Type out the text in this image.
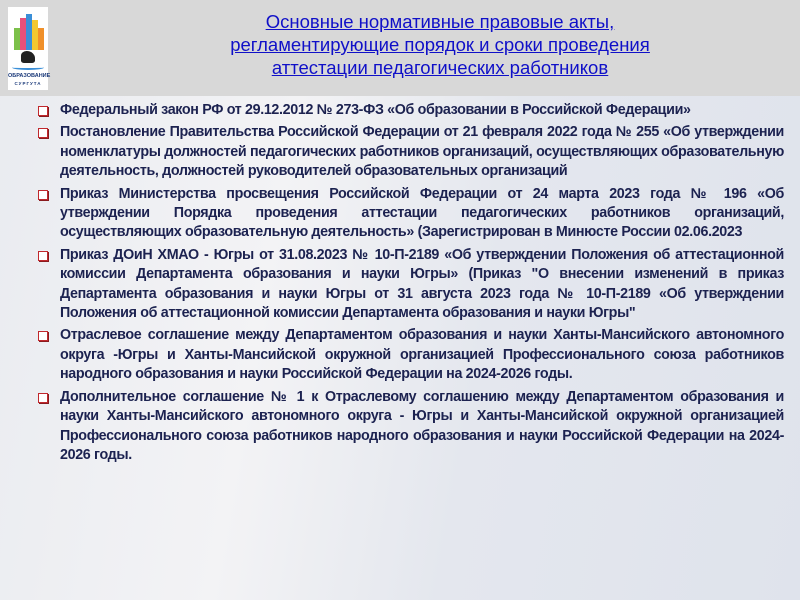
ОБРАЗОВАНИЕ
СУРГУТА
Основные нормативные правовые акты,
регламентирующие порядок и сроки проведения
аттестации педагогических работников
Федеральный закон РФ от 29.12.2012 № 273-ФЗ «Об образовании в Российской Федерации»
Постановление Правительства Российской Федерации от 21 февраля 2022 года № 255 «Об утверждении номенклатуры должностей педагогических работников организаций, осуществляющих образовательную деятельность, должностей руководителей образовательных организаций
Приказ Министерства просвещения Российской Федерации от 24 марта 2023 года № 196 «Об утверждении Порядка проведения аттестации педагогических работников организаций, осуществляющих образовательную деятельность» (Зарегистрирован в Минюсте России 02.06.2023
Приказ ДОиН ХМАО - Югры от 31.08.2023 № 10-П-2189 «Об утверждении Положения об аттестационной комиссии Департамента образования и науки Югры» (Приказ "О внесении изменений в приказ Департамента образования и науки Югры от 31 августа 2023 года № 10-П-2189 «Об утверждении Положения об аттестационной комиссии Департамента образования и науки Югры"
Отраслевое соглашение между Департаментом образования и науки Ханты-Мансийского автономного округа -Югры и Ханты-Мансийской окружной организацией Профессионального союза работников народного образования и науки Российской Федерации на 2024-2026 годы.
Дополнительное соглашение № 1 к Отраслевому соглашению между Департаментом образования и науки Ханты-Мансийского автономного округа - Югры и Ханты-Мансийской окружной организацией Профессионального союза работников народного образования и науки Российской Федерации на 2024-2026 годы.
